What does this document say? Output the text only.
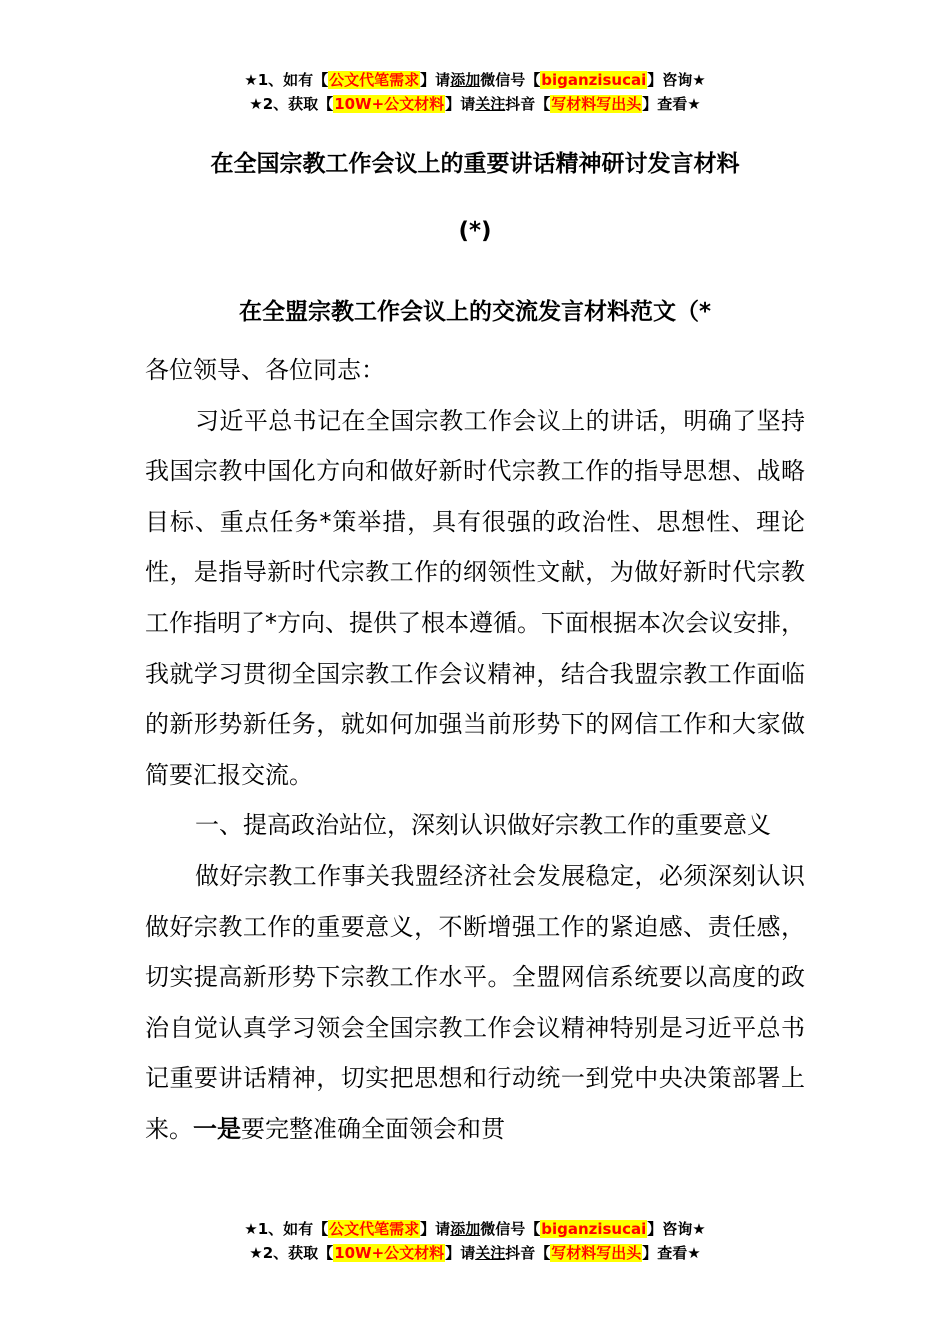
★1、如有【公文代笔需求】请添加微信号【biganzisucai】咨询★
★2、获取【10W+公文材料】请关注抖音【写材料写出头】查看★
在全国宗教工作会议上的重要讲话精神研讨发言材料
(*)
在全盟宗教工作会议上的交流发言材料范文（*

各位领导、各位同志：

习近平总书记在全国宗教工作会议上的讲话，明确了坚持我国宗教中国化方向和做好新时代宗教工作的指导思想、战略目标、重点任务*策举措，具有很强的政治性、思想性、理论性，是指导新时代宗教工作的纲领性文献，为做好新时代宗教工作指明了*方向、提供了根本遵循。下面根据本次会议安排，我就学习贯彻全国宗教工作会议精神，结合我盟宗教工作面临的新形势新任务，就如何加强当前形势下的网信工作和大家做简要汇报交流。

一、提高政治站位，深刻认识做好宗教工作的重要意义

做好宗教工作事关我盟经济社会发展稳定，必须深刻认识做好宗教工作的重要意义，不断增强工作的紧迫感、责任感，切实提高新形势下宗教工作水平。全盟网信系统要以高度的政治自觉认真学习领会全国宗教工作会议精神特别是习近平总书记重要讲话精神，切实把思想和行动统一到党中央决策部署上来。一是要完整准确全面领会和贯

★1、如有【公文代笔需求】请添加微信号【biganzisucai】咨询★
★2、获取【10W+公文材料】请关注抖音【写材料写出头】查看★
